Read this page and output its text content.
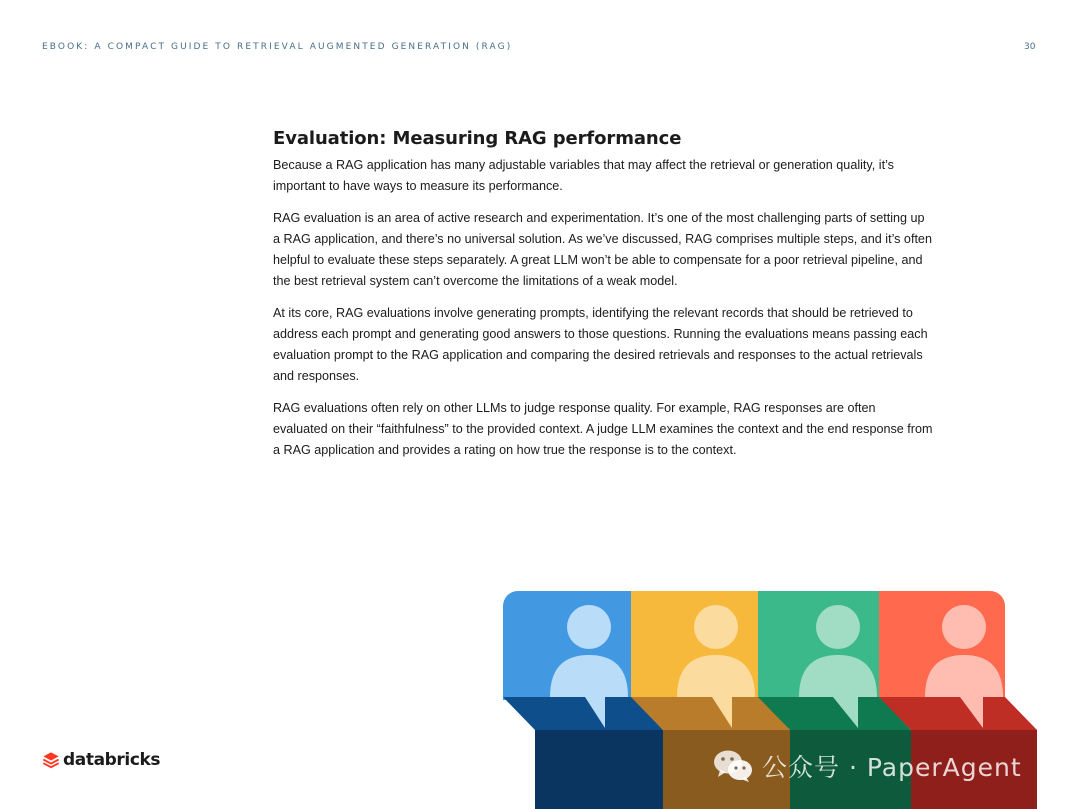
EBOOK: A COMPACT GUIDE TO RETRIEVAL AUGMENTED GENERATION (RAG)	30
Evaluation: Measuring RAG performance

Because a RAG application has many adjustable variables that may affect the retrieval or generation quality, it’s important to have ways to measure its performance.

RAG evaluation is an area of active research and experimentation. It’s one of the most challenging parts of setting up a RAG application, and there’s no universal solution. As we’ve discussed, RAG comprises multiple steps, and it’s often helpful to evaluate these steps separately. A great LLM won’t be able to compensate for a poor retrieval pipeline, and the best retrieval system can’t overcome the limitations of a weak model.

At its core, RAG evaluations involve generating prompts, identifying the relevant records that should be retrieved to address each prompt and generating good answers to those questions. Running the evaluations means passing each evaluation prompt to the RAG application and comparing the desired retrievals and responses to the actual retrievals and responses.

RAG evaluations often rely on other LLMs to judge response quality. For example, RAG responses are often evaluated on their “faithfulness” to the provided context. A judge LLM examines the context and the end response from a RAG application and provides a rating on how true the response is to the context.

databricks	公众号 · PaperAgent
